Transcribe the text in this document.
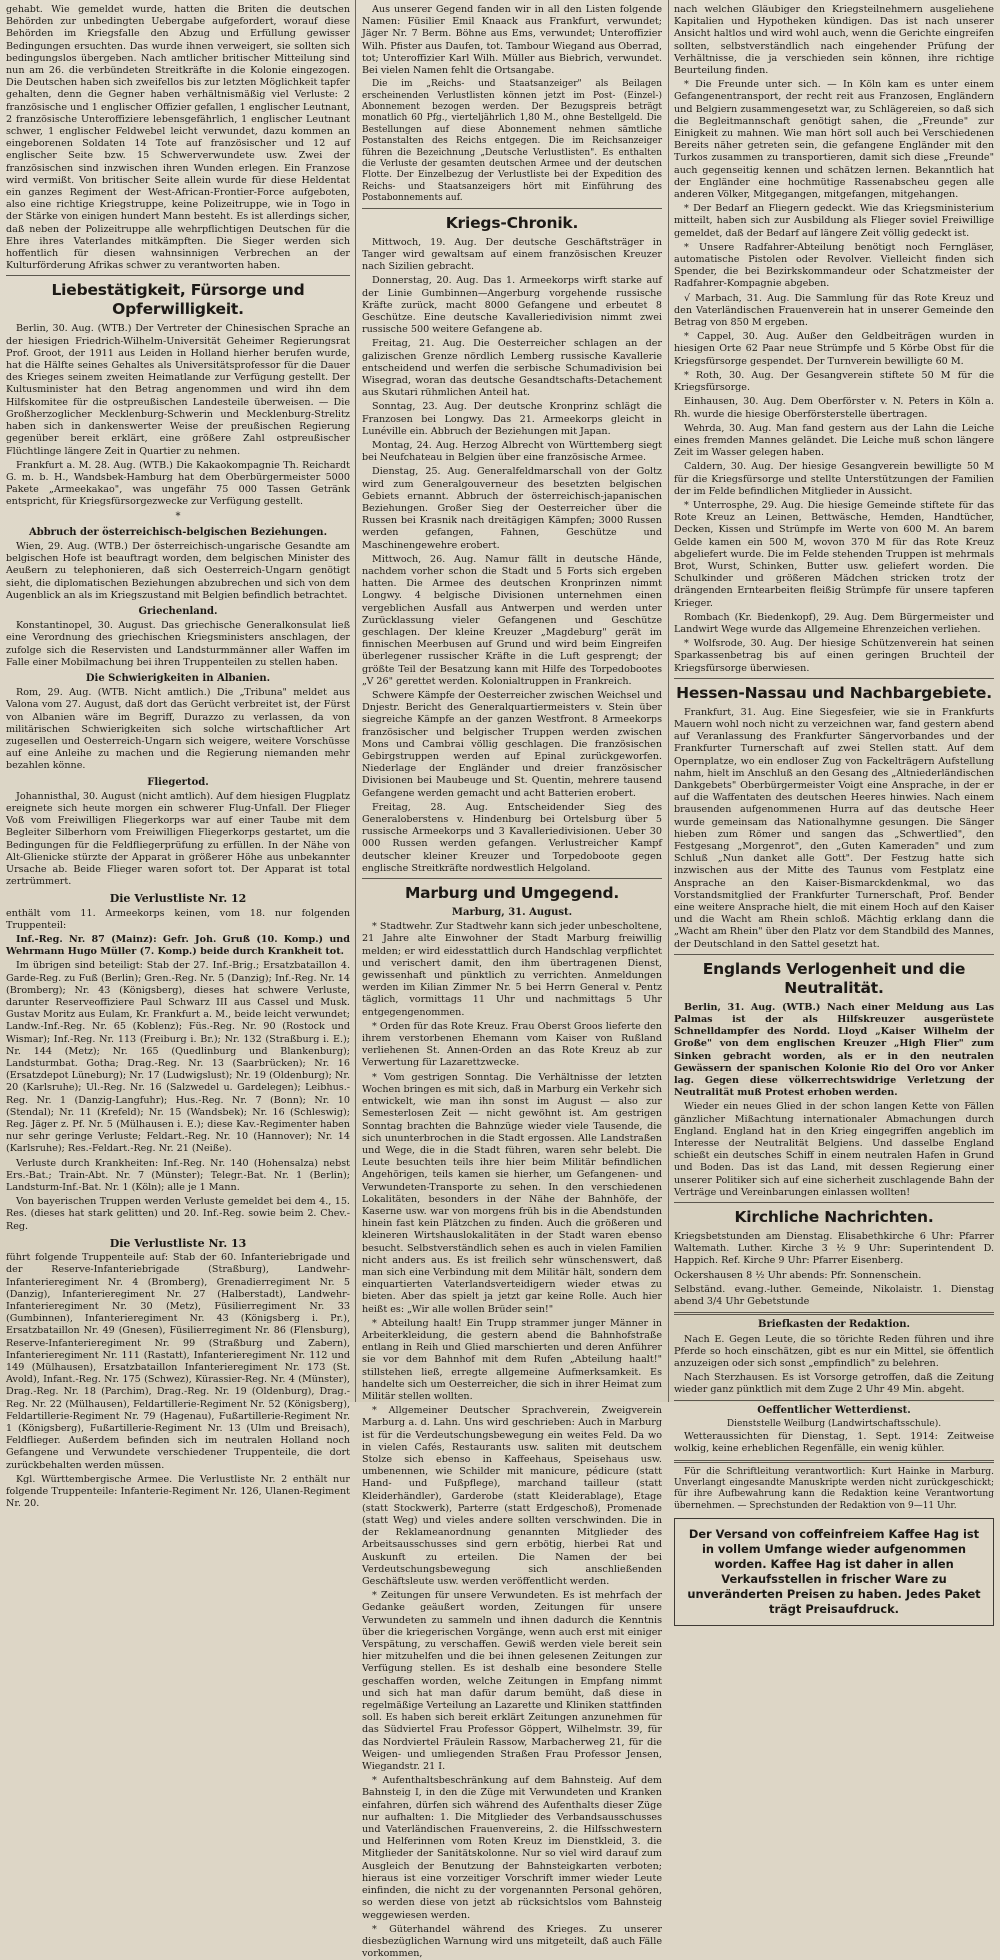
gehabt. Wie gemeldet wurde, hatten die Briten die deutschen Behörden zur unbedingten Uebergabe aufgefordert, worauf diese Behörden im Kriegsfalle den Abzug und Erfüllung gewisser Bedingungen ersuchten. Das wurde ihnen verweigert, sie sollten sich bedingungslos übergeben. Nach amtlicher britischer Mitteilung sind nun am 26. die verbündeten Streitkräfte in die Kolonie eingezogen. Die Deutschen haben sich zweifellos bis zur letzten Möglichkeit tapfer gehalten, denn die Gegner haben verhältnismäßig viel Verluste: 2 französische und 1 englischer Offizier gefallen, 1 englischer Leutnant, 2 französische Unteroffiziere lebensgefährlich, 1 englischer Leutnant schwer, 1 englischer Feldwebel leicht verwundet, dazu kommen an eingeborenen Soldaten 14 Tote auf französischer und 12 auf englischer Seite bzw. 15 Schwerverwundete usw. Zwei der französischen sind inzwischen ihren Wunden erlegen. Ein Franzose wird vermißt. Von britischer Seite allein wurde für diese Heldentat ein ganzes Regiment der West-African-Frontier-Force aufgeboten, also eine richtige Kriegstruppe, keine Polizeitruppe, wie in Togo in der Stärke von einigen hundert Mann besteht. Es ist allerdings sicher, daß neben der Polizeitruppe alle wehrpflichtigen Deutschen für die Ehre ihres Vaterlandes mitkämpften. Die Sieger werden sich hoffentlich für diesen wahnsinnigen Verbrechen an der Kulturförderung Afrikas schwer zu verantworten haben.

Liebestätigkeit, Fürsorge und Opferwilligkeit.

Berlin, 30. Aug. (WTB.) Der Vertreter der Chinesischen Sprache an der hiesigen Friedrich-Wilhelm-Universität Geheimer Regierungsrat Prof. Groot, der 1911 aus Leiden in Holland hierher berufen wurde, hat die Hälfte seines Gehaltes als Universitätsprofessor für die Dauer des Krieges seinem zweiten Heimatlande zur Verfügung gestellt. Der Kultusminister hat den Betrag angenommen und wird ihn dem Hilfskomitee für die ostpreußischen Landesteile überweisen. — Die Großherzoglicher Mecklenburg-Schwerin und Mecklenburg-Strelitz haben sich in dankenswerter Weise der preußischen Regierung gegenüber bereit erklärt, eine größere Zahl ostpreußischer Flüchtlinge längere Zeit in Quartier zu nehmen.

Frankfurt a. M. 28. Aug. (WTB.) Die Kakaokompagnie Th. Reichardt G. m. b. H., Wandsbek-Hamburg hat dem Oberbürgermeister 5000 Pakete „Armeekakao", was ungefähr 75 000 Tassen Getränk entspricht, für Kriegsfürsorgezwecke zur Verfügung gestellt.

*
Abbruch der österreichisch-belgischen Beziehungen.

Wien, 29. Aug. (WTB.) Der österreichisch-ungarische Gesandte am belgischen Hofe ist beauftragt worden, dem belgischen Minister des Aeußern zu telephonieren, daß sich Oesterreich-Ungarn genötigt sieht, die diplomatischen Beziehungen abzubrechen und sich von dem Augenblick an als im Kriegszustand mit Belgien befindlich betrachtet.

Griechenland.

Konstantinopel, 30. August. Das griechische Generalkonsulat ließ eine Verordnung des griechischen Kriegsministers anschlagen, der zufolge sich die Reservisten und Landsturmmänner aller Waffen im Falle einer Mobilmachung bei ihren Truppenteilen zu stellen haben.

Die Schwierigkeiten in Albanien.

Rom, 29. Aug. (WTB. Nicht amtlich.) Die „Tribuna" meldet aus Valona vom 27. August, daß dort das Gerücht verbreitet ist, der Fürst von Albanien wäre im Begriff, Durazzo zu verlassen, da von militärischen Schwierigkeiten sich solche wirtschaftlicher Art zugesellen und Oesterreich-Ungarn sich weigere, weitere Vorschüsse auf eine Anleihe zu machen und die Regierung niemanden mehr bezahlen könne.

Fliegertod.

Johannisthal, 30. August (nicht amtlich). Auf dem hiesigen Flugplatz ereignete sich heute morgen ein schwerer Flug-Unfall. Der Flieger Voß vom Freiwilligen Fliegerkorps war auf einer Taube mit dem Begleiter Silberhorn vom Freiwilligen Fliegerkorps gestartet, um die Bedingungen für die Feldfliegerprüfung zu erfüllen. In der Nähe von Alt-Glienicke stürzte der Apparat in größerer Höhe aus unbekannter Ursache ab. Beide Flieger waren sofort tot. Der Apparat ist total zertrümmert.

Die Verlustliste Nr. 12

enthält vom 11. Armeekorps keinen, vom 18. nur folgenden Truppenteil:

Inf.-Reg. Nr. 87 (Mainz): Gefr. Joh. Gruß (10. Komp.) und Wehrmann Hugo Müller (7. Komp.) beide durch Krankheit tot.

Im übrigen sind beteiligt: Stab der 27. Inf.-Brig.; Ersatzbataillon 4. Garde-Reg. zu Fuß (Berlin); Gren.-Reg. Nr. 5 (Danzig); Inf.-Reg. Nr. 14 (Bromberg); Nr. 43 (Königsberg), dieses hat schwere Verluste, darunter Reserveoffiziere Paul Schwarz III aus Cassel und Musk. Gustav Moritz aus Eulam, Kr. Frankfurt a. M., beide leicht verwundet; Landw.-Inf.-Reg. Nr. 65 (Koblenz); Füs.-Reg. Nr. 90 (Rostock und Wismar); Inf.-Reg. Nr. 113 (Freiburg i. Br.); Nr. 132 (Straßburg i. E.); Nr. 144 (Metz); Nr. 165 (Quedlinburg und Blankenburg); Landsturmbat. Gotha; Drag.-Reg. Nr. 13 (Saarbrücken); Nr. 16 (Ersatzdepot Lüneburg); Nr. 17 (Ludwigslust); Nr. 19 (Oldenburg); Nr. 20 (Karlsruhe); Ul.-Reg. Nr. 16 (Salzwedel u. Gardelegen); Leibhus.-Reg. Nr. 1 (Danzig-Langfuhr); Hus.-Reg. Nr. 7 (Bonn); Nr. 10 (Stendal); Nr. 11 (Krefeld); Nr. 15 (Wandsbek); Nr. 16 (Schleswig); Reg. Jäger z. Pf. Nr. 5 (Mülhausen i. E.); diese Kav.-Regimenter haben nur sehr geringe Verluste; Feldart.-Reg. Nr. 10 (Hannover); Nr. 14 (Karlsruhe); Res.-Feldart.-Reg. Nr. 21 (Neiße).

Verluste durch Krankheiten: Inf.-Reg. Nr. 140 (Hohensalza) nebst Ers.-Bat.; Train-Abt. Nr. 7 (Münster); Telegr.-Bat. Nr. 1 (Berlin); Landsturm-Inf.-Bat. Nr. 1 (Köln); alle je 1 Mann.

Von bayerischen Truppen werden Verluste gemeldet bei dem 4., 15. Res. (dieses hat stark gelitten) und 20. Inf.-Reg. sowie beim 2. Chev.-Reg.

Die Verlustliste Nr. 13

führt folgende Truppenteile auf: Stab der 60. Infanteriebrigade und der Reserve-Infanteriebrigade (Straßburg), Landwehr-Infanterieregiment Nr. 4 (Bromberg), Grenadierregiment Nr. 5 (Danzig), Infanterieregiment Nr. 27 (Halberstadt), Landwehr-Infanterieregiment Nr. 30 (Metz), Füsilierregiment Nr. 33 (Gumbinnen), Infanterieregiment Nr. 43 (Königsberg i. Pr.), Ersatzbataillon Nr. 49 (Gnesen), Füsilierregiment Nr. 86 (Flensburg), Reserve-Infanterieregiment Nr. 99 (Straßburg und Zabern), Infanterieregiment Nr. 111 (Rastatt), Infanterieregiment Nr. 112 und 149 (Mülhausen), Ersatzbataillon Infanterieregiment Nr. 173 (St. Avold), Infant.-Reg. Nr. 175 (Schwez), Kürassier-Reg. Nr. 4 (Münster), Drag.-Reg. Nr. 18 (Parchim), Drag.-Reg. Nr. 19 (Oldenburg), Drag.-Reg. Nr. 22 (Mülhausen), Feldartillerie-Regiment Nr. 52 (Königsberg), Feldartillerie-Regiment Nr. 79 (Hagenau), Fußartillerie-Regiment Nr. 1 (Königsberg), Fußartillerie-Regiment Nr. 13 (Ulm und Breisach), Feldflieger. Außerdem befinden sich im neutralen Holland noch Gefangene und Verwundete verschiedener Truppenteile, die dort zurückbehalten werden müssen.

Kgl. Württembergische Armee. Die Verlustliste Nr. 2 enthält nur folgende Truppenteile: Infanterie-Regiment Nr. 126, Ulanen-Regiment Nr. 20.

Aus unserer Gegend fanden wir in all den Listen folgende Namen: Füsilier Emil Knaack aus Frankfurt, verwundet; Jäger Nr. 7 Berm. Böhne aus Ems, verwundet; Unteroffizier Wilh. Pfister aus Daufen, tot. Tambour Wiegand aus Oberrad, tot; Unteroffizier Karl Wilh. Müller aus Biebrich, verwundet. Bei vielen Namen fehlt die Ortsangabe.

Die im „Reichs- und Staatsanzeiger" als Beilagen erscheinenden Verlustlisten können jetzt im Post- (Einzel-) Abonnement bezogen werden. Der Bezugspreis beträgt monatlich 60 Pfg., vierteljährlich 1,80 M., ohne Bestellgeld. Die Bestellungen auf diese Abonnement nehmen sämtliche Postanstalten des Reichs entgegen. Die im Reichsanzeiger führen die Bezeichnung „Deutsche Verlustlisten". Es enthalten die Verluste der gesamten deutschen Armee und der deutschen Flotte. Der Einzelbezug der Verlustliste bei der Expedition des Reichs- und Staatsanzeigers hört mit Einführung des Postabonnements auf.

Kriegs-Chronik.

Mittwoch, 19. Aug. Der deutsche Geschäftsträger in Tanger wird gewaltsam auf einem französischen Kreuzer nach Sizilien gebracht.

Donnerstag, 20. Aug. Das 1. Armeekorps wirft starke auf der Linie Gumbinnen—Angerburg vorgehende russische Kräfte zurück, macht 8000 Gefangene und erbeutet 8 Geschütze. Eine deutsche Kavalleriedivision nimmt zwei russische 500 weitere Gefangene ab.

Freitag, 21. Aug. Die Oesterreicher schlagen an der galizischen Grenze nördlich Lemberg russische Kavallerie entscheidend und werfen die serbische Schumadivision bei Wisegrad, woran das deutsche Gesandtschafts-Detachement aus Skutari rühmlichen Anteil hat.

Sonntag, 23. Aug. Der deutsche Kronprinz schlägt die Franzosen bei Longwy. Das 21. Armeekorps gleicht in Lunéville ein. Abbruch der Beziehungen mit Japan.

Montag, 24. Aug. Herzog Albrecht von Württemberg siegt bei Neufchateau in Belgien über eine französische Armee.

Dienstag, 25. Aug. Generalfeldmarschall von der Goltz wird zum Generalgouverneur des besetzten belgischen Gebiets ernannt. Abbruch der österreichisch-japanischen Beziehungen. Großer Sieg der Oesterreicher über die Russen bei Krasnik nach dreitägigen Kämpfen; 3000 Russen werden gefangen, Fahnen, Geschütze und Maschinengewehre erobert.

Mittwoch, 26. Aug. Namur fällt in deutsche Hände, nachdem vorher schon die Stadt und 5 Forts sich ergeben hatten. Die Armee des deutschen Kronprinzen nimmt Longwy. 4 belgische Divisionen unternehmen einen vergeblichen Ausfall aus Antwerpen und werden unter Zurücklassung vieler Gefangenen und Geschütze geschlagen. Der kleine Kreuzer „Magdeburg" gerät im finnischen Meerbusen auf Grund und wird beim Eingreifen überlegener russischer Kräfte in die Luft gesprengt; der größte Teil der Besatzung kann mit Hilfe des Torpedobootes „V 26" gerettet werden. Kolonialtruppen in Frankreich.

Schwere Kämpfe der Oesterreicher zwischen Weichsel und Dnjestr. Bericht des Generalquartiermeisters v. Stein über siegreiche Kämpfe an der ganzen Westfront. 8 Armeekorps französischer und belgischer Truppen werden zwischen Mons und Cambrai völlig geschlagen. Die französischen Gebirgstruppen werden auf Epinal zurückgeworfen. Niederlage der Engländer und dreier französischer Divisionen bei Maubeuge und St. Quentin, mehrere tausend Gefangene werden gemacht und acht Batterien erobert.

Freitag, 28. Aug. Entscheidender Sieg des Generaloberstens v. Hindenburg bei Ortelsburg über 5 russische Armeekorps und 3 Kavalleriedivisionen. Ueber 30 000 Russen werden gefangen. Verlustreicher Kampf deutscher kleiner Kreuzer und Torpedoboote gegen englische Streitkräfte nordwestlich Helgoland.

Marburg und Umgegend.
Marburg, 31. August.

* Stadtwehr. Zur Stadtwehr kann sich jeder unbescholtene, 21 Jahre alte Einwohner der Stadt Marburg freiwillig melden; er wird eidesstattlich durch Handschlag verpflichtet und verischert damit, den ihm übertragenen Dienst, gewissenhaft und pünktlich zu verrichten. Anmeldungen werden im Kilian Zimmer Nr. 5 bei Herrn General v. Pentz täglich, vormittags 11 Uhr und nachmittags 5 Uhr entgegengenommen.

* Orden für das Rote Kreuz. Frau Oberst Groos lieferte den ihrem verstorbenen Ehemann vom Kaiser von Rußland verliehenen St. Annen-Orden an das Rote Kreuz ab zur Verwertung für Lazarettzwecke.

* Vom gestrigen Sonntag. Die Verhältnisse der letzten Wochen bringen es mit sich, daß in Marburg ein Verkehr sich entwickelt, wie man ihn sonst im August — also zur Semesterlosen Zeit — nicht gewöhnt ist. Am gestrigen Sonntag brachten die Bahnzüge wieder viele Tausende, die sich ununterbrochen in die Stadt ergossen. Alle Landstraßen und Wege, die in die Stadt führen, waren sehr belebt. Die Leute besuchten teils ihre hier beim Militär befindlichen Angehörigen, teils kamen sie hierher, um Gefangenen- und Verwundeten-Transporte zu sehen. In den verschiedenen Lokalitäten, besonders in der Nähe der Bahnhöfe, der Kaserne usw. war von morgens früh bis in die Abendstunden hinein fast kein Plätzchen zu finden. Auch die größeren und kleineren Wirtshauslokalitäten in der Stadt waren ebenso besucht. Selbstverständlich sehen es auch in vielen Familien nicht anders aus. Es ist freilich sehr wünschenswert, daß man sich eine Verbindung mit dem Militär hält, sondern dem einquartierten Vaterlandsverteidigern wieder etwas zu bieten. Aber das spielt ja jetzt gar keine Rolle. Auch hier heißt es: „Wir alle wollen Brüder sein!"

* Abteilung haalt! Ein Trupp strammer junger Männer in Arbeiterkleidung, die gestern abend die Bahnhofstraße entlang in Reih und Glied marschierten und deren Anführer sie vor dem Bahnhof mit dem Rufen „Abteilung haalt!" stillstehen ließ, erregte allgemeine Aufmerksamkeit. Es handelte sich um Oesterreicher, die sich in ihrer Heimat zum Militär stellen wollten.

* Allgemeiner Deutscher Sprachverein, Zweigverein Marburg a. d. Lahn. Uns wird geschrieben: Auch in Marburg ist für die Verdeutschungsbewegung ein weites Feld. Da wo in vielen Cafés, Restaurants usw. saliten mit deutschem Stolze sich ebenso in Kaffeehaus, Speisehaus usw. umbenennen, wie Schilder mit manicure, pédicure (statt Hand- und Fußpflege), marchand tailleur (statt Kleiderhändler), Garderobe (statt Kleiderablage), Etage (statt Stockwerk), Parterre (statt Erdgeschoß), Promenade (statt Weg) und vieles andere sollten verschwinden. Die in der Reklameanordnung genannten Mitglieder des Arbeitsausschusses sind gern erbötig, hierbei Rat und Auskunft zu erteilen. Die Namen der bei Verdeutschungsbewegung sich anschließenden Geschäftsleute usw. werden veröffentlicht werden.

* Zeitungen für unsere Verwundeten. Es ist mehrfach der Gedanke geäußert worden, Zeitungen für unsere Verwundeten zu sammeln und ihnen dadurch die Kenntnis über die kriegerischen Vorgänge, wenn auch erst mit einiger Verspätung, zu verschaffen. Gewiß werden viele bereit sein hier mitzuhelfen und die bei ihnen gelesenen Zeitungen zur Verfügung stellen. Es ist deshalb eine besondere Stelle geschaffen worden, welche Zeitungen in Empfang nimmt und sich hat man dafür darum bemüht, daß diese in regelmäßige Verteilung an Lazarette und Kliniken stattfinden soll. Es haben sich bereit erklärt Zeitungen anzunehmen für das Südviertel Frau Professor Göppert, Wilhelmstr. 39, für das Nordviertel Fräulein Rassow, Marbacherweg 21, für die Weigen- und umliegenden Straßen Frau Professor Jensen, Wiegandstr. 21 I.

* Aufenthaltsbeschränkung auf dem Bahnsteig. Auf dem Bahnsteig I, in den die Züge mit Verwundeten und Kranken einfahren, dürfen sich während des Aufenthalts dieser Züge nur aufhalten: 1. Die Mitglieder des Verbandsausschusses und Vaterländischen Frauenvereins, 2. die Hilfsschwestern und Helferinnen vom Roten Kreuz im Dienstkleid, 3. die Mitglieder der Sanitätskolonne. Nur so viel wird darauf zum Ausgleich der Benutzung der Bahnsteigkarten verboten; hieraus ist eine vorzeitiger Vorschrift immer wieder Leute einfinden, die nicht zu der vorgenannten Personal gehören, so werden diese von jetzt ab rücksichtslos vom Bahnsteig weggewiesen werden.

* Güterhandel während des Krieges. Zu unserer diesbezüglichen Warnung wird uns mitgeteilt, daß auch Fälle vorkommen,

nach welchen Gläubiger den Kriegsteilnehmern ausgeliehene Kapitalien und Hypotheken kündigen. Das ist nach unserer Ansicht haltlos und wird wohl auch, wenn die Gerichte eingreifen sollten, selbstverständlich nach eingehender Prüfung der Verhältnisse, die ja verschieden sein können, ihre richtige Beurteilung finden.

* Die Freunde unter sich. — In Köln kam es unter einem Gefangenentransport, der recht reit aus Franzosen, Engländern und Belgiern zusammengesetzt war, zu Schlägereien, so daß sich die Begleitmannschaft genötigt sahen, die „Freunde" zur Einigkeit zu mahnen. Wie man hört soll auch bei Verschiedenen Bereits näher getreten sein, die gefangene Engländer mit den Turkos zusammen zu transportieren, damit sich diese „Freunde" auch gegenseitig kennen und schätzen lernen. Bekanntlich hat der Engländer eine hochmütige Rassenabscheu gegen alle anderen Völker, Mitgegangen, mitgefangen, mitgehangen.

* Der Bedarf an Fliegern gedeckt. Wie das Kriegsministerium mitteilt, haben sich zur Ausbildung als Flieger soviel Freiwillige gemeldet, daß der Bedarf auf längere Zeit völlig gedeckt ist.

* Unsere Radfahrer-Abteilung benötigt noch Ferngläser, automatische Pistolen oder Revolver. Vielleicht finden sich Spender, die bei Bezirkskommandeur oder Schatzmeister der Radfahrer-Kompagnie abgeben.

√ Marbach, 31. Aug. Die Sammlung für das Rote Kreuz und den Vaterländischen Frauenverein hat in unserer Gemeinde den Betrag von 850 M ergeben.

* Cappel, 30. Aug. Außer den Geldbeiträgen wurden in hiesigen Orte 62 Paar neue Strümpfe und 5 Körbe Obst für die Kriegsfürsorge gespendet. Der Turnverein bewilligte 60 M.

* Roth, 30. Aug. Der Gesangverein stiftete 50 M für die Kriegsfürsorge.

Einhausen, 30. Aug. Dem Oberförster v. N. Peters in Köln a. Rh. wurde die hiesige Oberförsterstelle übertragen.

Wehrda, 30. Aug. Man fand gestern aus der Lahn die Leiche eines fremden Mannes geländet. Die Leiche muß schon längere Zeit im Wasser gelegen haben.

Caldern, 30. Aug. Der hiesige Gesangverein bewilligte 50 M für die Kriegsfürsorge und stellte Unterstützungen der Familien der im Felde befindlichen Mitglieder in Aussicht.

* Unterrosphe, 29. Aug. Die hiesige Gemeinde stiftete für das Rote Kreuz an Leinen, Bettwäsche, Hemden, Handtücher, Decken, Kissen und Strümpfe im Werte von 600 M. An barem Gelde kamen ein 500 M, wovon 370 M für das Rote Kreuz abgeliefert wurde. Die im Felde stehenden Truppen ist mehrmals Brot, Wurst, Schinken, Butter usw. geliefert worden. Die Schulkinder und größeren Mädchen stricken trotz der drängenden Erntearbeiten fleißig Strümpfe für unsere tapferen Krieger.

Rombach (Kr. Biedenkopf), 29. Aug. Dem Bürgermeister und Landwirt Wege wurde das Allgemeine Ehrenzeichen verliehen.

* Wolfsrode, 30. Aug. Der hiesige Schützenverein hat seinen Sparkassenbetrag bis auf einen geringen Bruchteil der Kriegsfürsorge überwiesen.

Hessen-Nassau und Nachbargebiete.

Frankfurt, 31. Aug. Eine Siegesfeier, wie sie in Frankfurts Mauern wohl noch nicht zu verzeichnen war, fand gestern abend auf Veranlassung des Frankfurter Sängervorbandes und der Frankfurter Turnerschaft auf zwei Stellen statt. Auf dem Opernplatze, wo ein endloser Zug von Fackelträgern Aufstellung nahm, hielt im Anschluß an den Gesang des „Altniederländischen Dankgebets" Oberbürgermeister Voigt eine Ansprache, in der er auf die Waffentaten des deutschen Heeres hinwies. Nach einem brausenden aufgenommenen Hurra auf das deutsche Heer wurde gemeinsam das Nationalhymne gesungen. Die Sänger hieben zum Römer und sangen das „Schwertlied", den Festgesang „Morgenrot", den „Guten Kameraden" und zum Schluß „Nun danket alle Gott". Der Festzug hatte sich inzwischen aus der Mitte des Taunus vom Festplatz eine Ansprache an den Kaiser-Bismarckdenkmal, wo das Vorstandsmitglied der Frankfurter Turnerschaft, Prof. Bender eine weitere Ansprache hielt, die mit einem Hoch auf den Kaiser und die Wacht am Rhein schloß. Mächtig erklang dann die „Wacht am Rhein" über den Platz vor dem Standbild des Mannes, der Deutschland in den Sattel gesetzt hat.

Englands Verlogenheit und die Neutralität.

Berlin, 31. Aug. (WTB.) Nach einer Meldung aus Las Palmas ist der als Hilfskreuzer ausgerüstete Schnelldampfer des Nordd. Lloyd „Kaiser Wilhelm der Große" von dem englischen Kreuzer „High Flier" zum Sinken gebracht worden, als er in den neutralen Gewässern der spanischen Kolonie Rio del Oro vor Anker lag. Gegen diese völkerrechtswidrige Verletzung der Neutralität muß Protest erhoben werden.

Wieder ein neues Glied in der schon langen Kette von Fällen gänzlicher Mißachtung internationaler Abmachungen durch England. England hat in den Krieg eingegriffen angeblich im Interesse der Neutralität Belgiens. Und dasselbe England schießt ein deutsches Schiff in einem neutralen Hafen in Grund und Boden. Das ist das Land, mit dessen Regierung einer unserer Politiker sich auf eine sicherheit zuschlagende Bahn der Verträge und Vereinbarungen einlassen wollten!

Kirchliche Nachrichten.

Kriegsbetstunden am Dienstag. Elisabethkirche 6 Uhr: Pfarrer Waltemath. Luther. Kirche 3 ½ 9 Uhr: Superintendent D. Happich. Ref. Kirche 9 Uhr: Pfarrer Eisenberg.

Ockershausen 8 ½ Uhr abends: Pfr. Sonnenschein.

Selbständ. evang.-luther. Gemeinde, Nikolaistr. 1. Dienstag abend 3/4 Uhr Gebetstunde

Briefkasten der Redaktion.

Nach E. Gegen Leute, die so törichte Reden führen und ihre Pferde so hoch einschätzen, gibt es nur ein Mittel, sie öffentlich anzuzeigen oder sich sonst „empfindlich" zu belehren.

Nach Sterzhausen. Es ist Vorsorge getroffen, daß die Zeitung wieder ganz pünktlich mit dem Zuge 2 Uhr 49 Min. abgeht.

Oeffentlicher Wetterdienst.
Dienststelle Weilburg (Landwirtschaftsschule).

Wetteraussichten für Dienstag, 1. Sept. 1914: Zeitweise wolkig, keine erheblichen Regenfälle, ein wenig kühler.

Für die Schriftleitung verantwortlich: Kurt Hainke in Marburg. Unverlangt eingesandte Manuskripte werden nicht zurückgeschickt; für ihre Aufbewahrung kann die Redaktion keine Verantwortung übernehmen. — Sprechstunden der Redaktion von 9—11 Uhr.

Der Versand von coffeinfreiem Kaffee Hag ist in vollem Umfange wieder aufgenommen worden. Kaffee Hag ist daher in allen Verkaufsstellen in frischer Ware zu unveränderten Preisen zu haben. Jedes Paket trägt Preisaufdruck.
